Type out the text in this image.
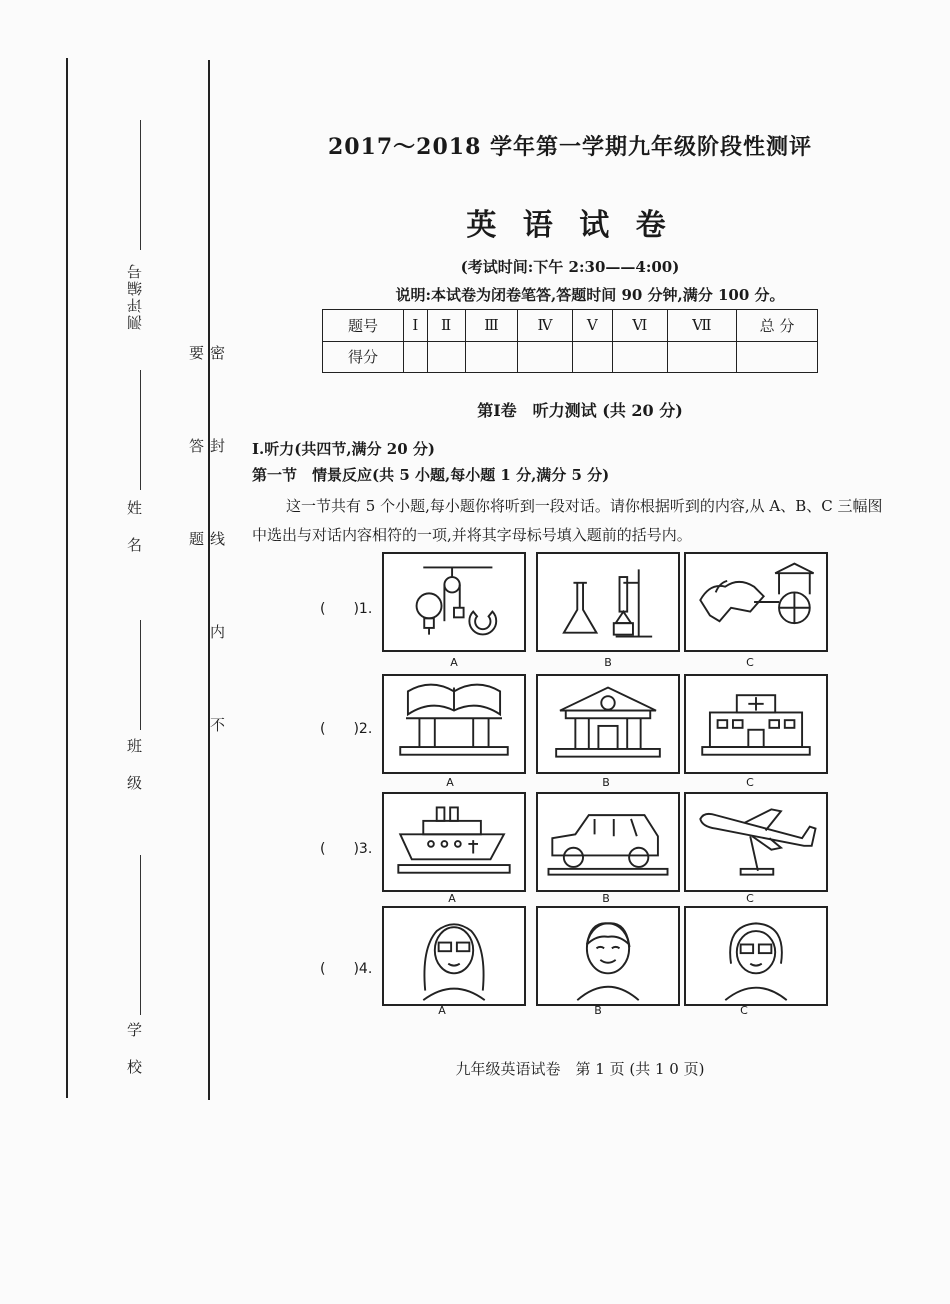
测评编号
姓 名
班 级
学 校
密 封 线 内 不 要 答 题
2017～2018 学年第一学期九年级阶段性测评
英 语 试 卷
(考试时间:下午 2:30——4:00)
说明:本试卷为闭卷笔答,答题时间 90 分钟,满分 100 分。
题号	Ⅰ	Ⅱ	Ⅲ	Ⅳ	Ⅴ	Ⅵ	Ⅶ	总 分
得分								
第Ⅰ卷　听力测试 (共 20 分)
Ⅰ.听力(共四节,满分 20 分)
第一节　情景反应(共 5 小题,每小题 1 分,满分 5 分)
这一节共有 5 个小题,每小题你将听到一段对话。请你根据听到的内容,从 A、B、C 三幅图中选出与对话内容相符的一项,并将其字母标号填入题前的括号内。
(　　)1.
A	B	C
(　　)2.
A	B	C
(　　)3.
A	B	C
(　　)4.
A	B	C
九年级英语试卷　第 1 页 (共 1 0 页)
